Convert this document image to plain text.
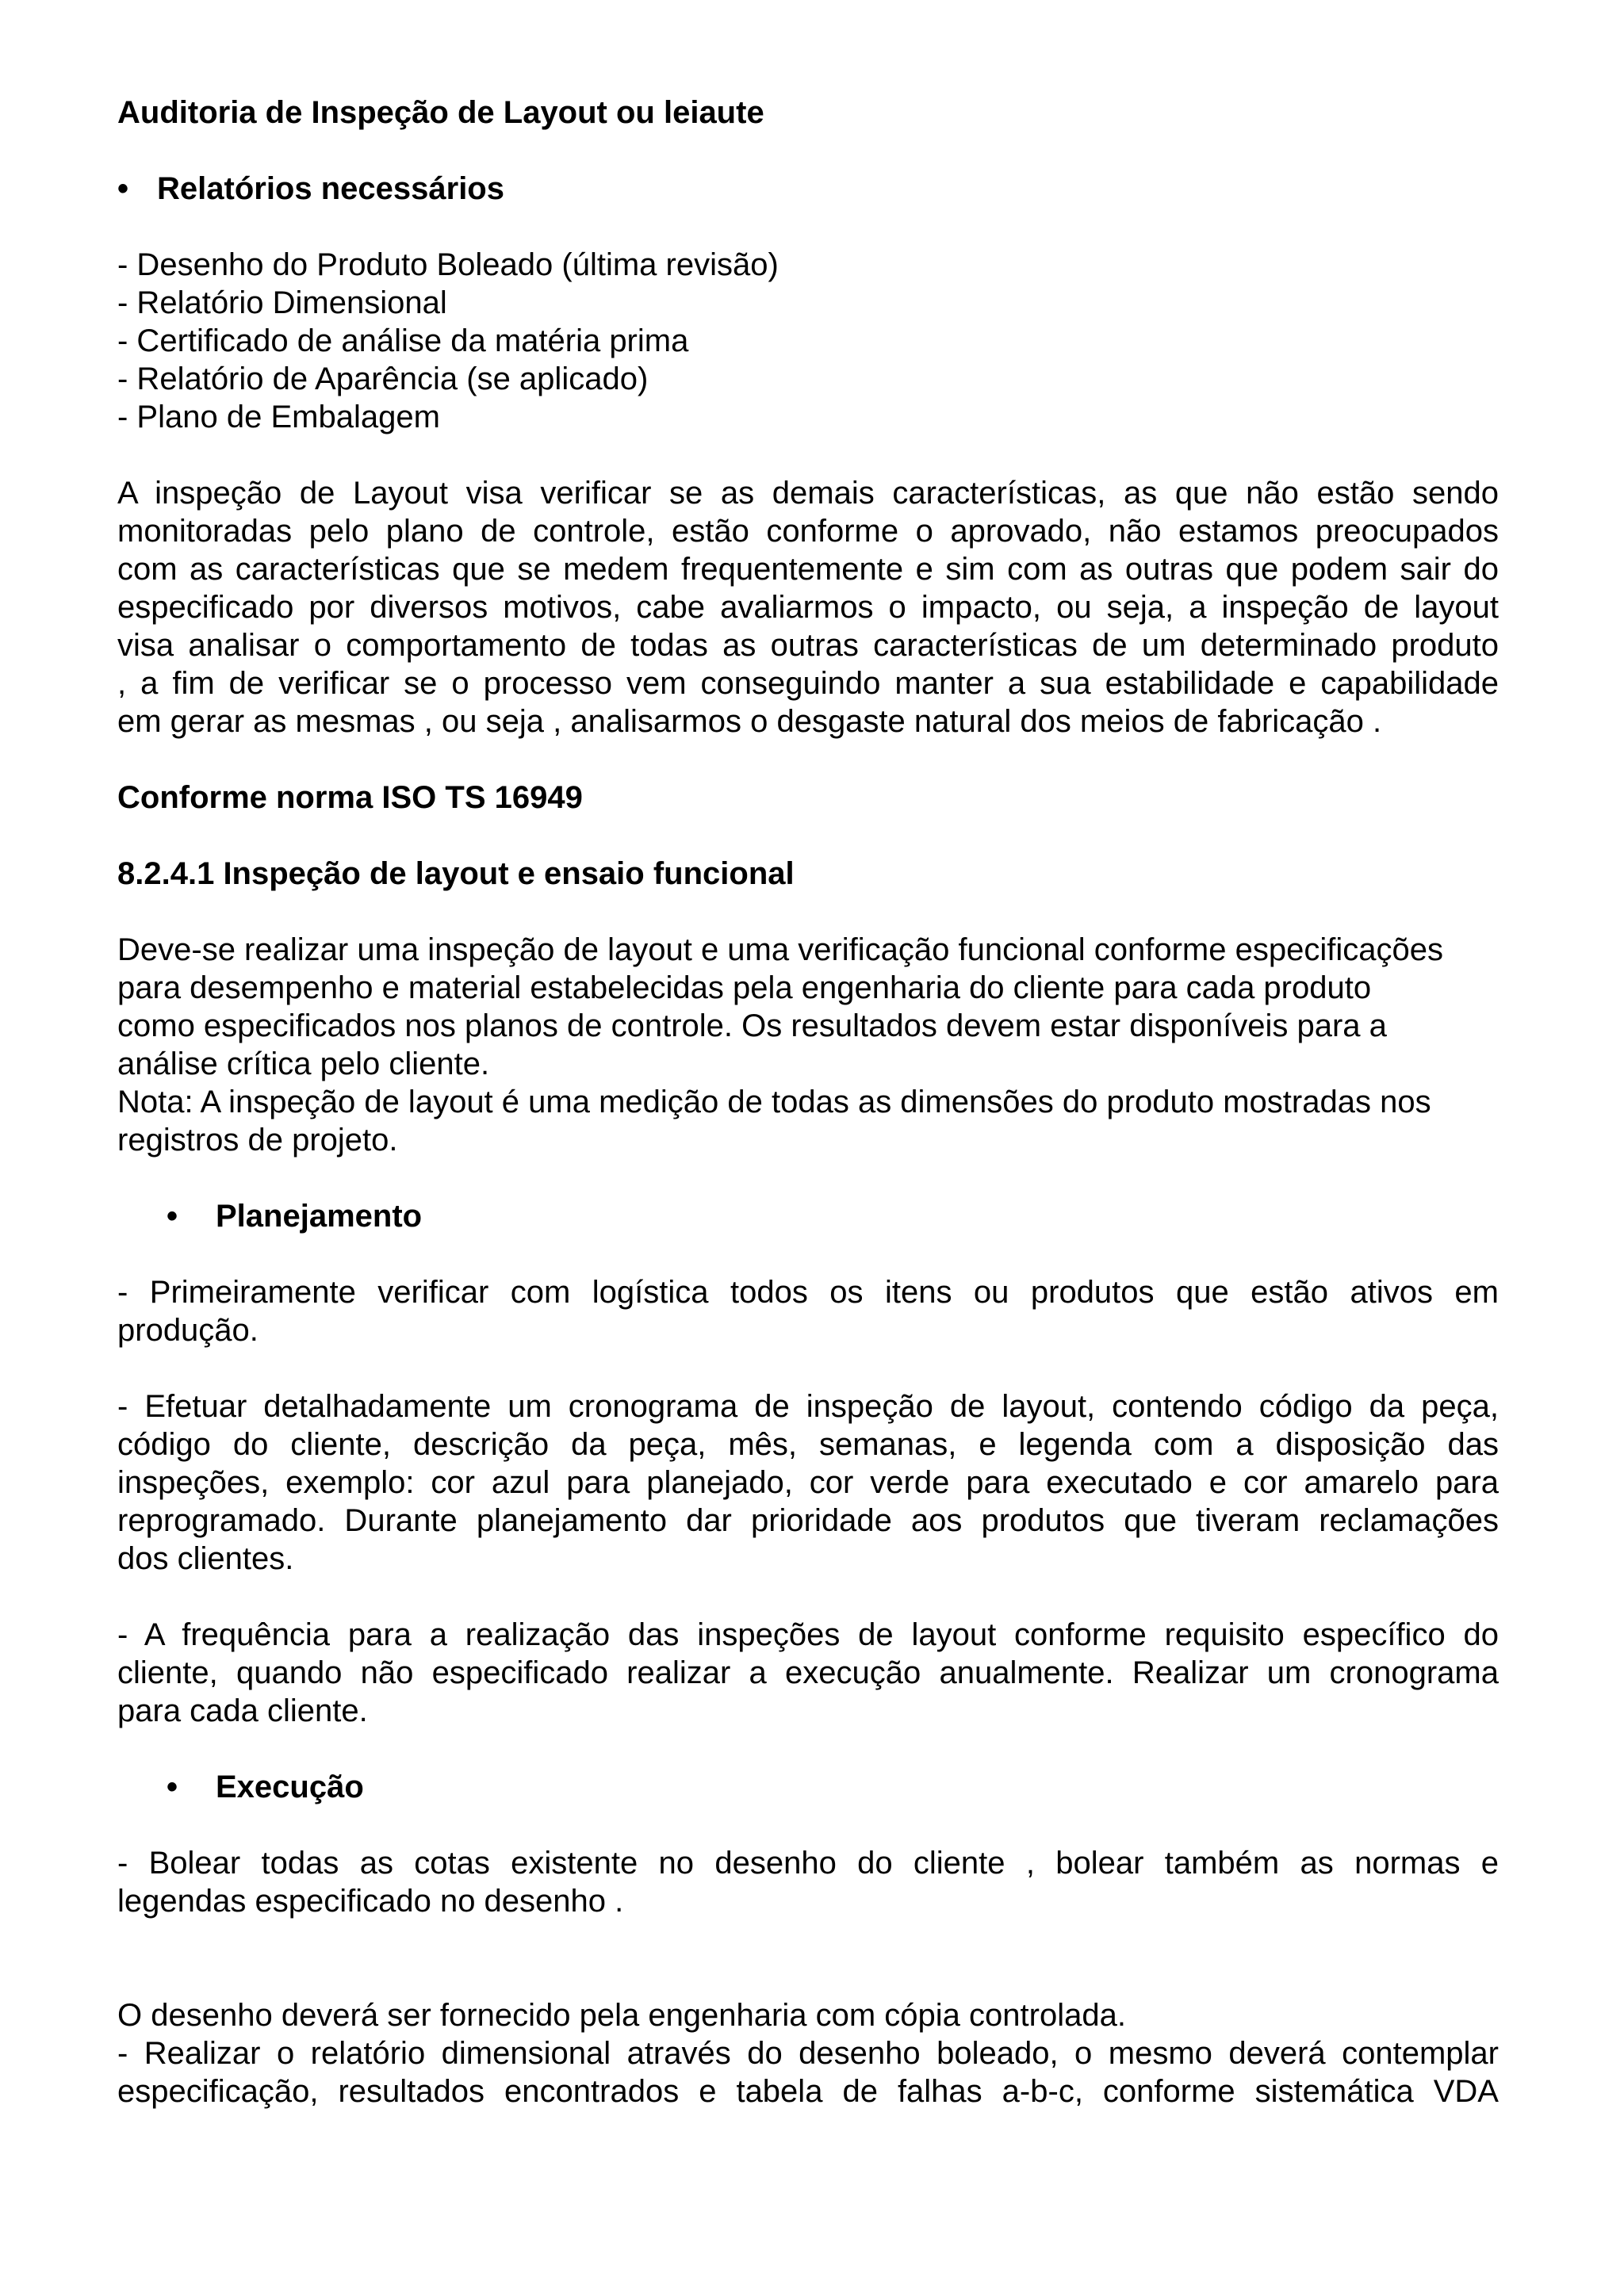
Auditoria de Inspeção de Layout ou leiaute

• Relatórios necessários
- Desenho do Produto Boleado (última revisão)
- Relatório Dimensional
- Certificado de análise da matéria prima
- Relatório de Aparência (se aplicado)
- Plano de Embalagem
A inspeção de Layout visa verificar se as demais características, as que não estão sendo
monitoradas pelo plano de controle, estão conforme o aprovado, não estamos preocupados
com as características que se medem frequentemente e sim com as outras que podem sair do
especificado por diversos motivos, cabe avaliarmos o impacto, ou seja, a inspeção de layout
visa analisar o comportamento de todas as outras características de um determinado produto
, a fim de verificar se o processo vem conseguindo manter a sua estabilidade e capabilidade
em gerar as mesmas , ou seja , analisarmos o desgaste natural dos meios de fabricação .

Conforme norma ISO TS 16949

8.2.4.1 Inspeção de layout e ensaio funcional

Deve-se realizar uma inspeção de layout e uma verificação funcional conforme especificações
para desempenho e material estabelecidas pela engenharia do cliente para cada produto
como especificados nos planos de controle. Os resultados devem estar disponíveis para a
análise crítica pelo cliente.
Nota: A inspeção de layout é uma medição de todas as dimensões do produto mostradas nos
registros de projeto.
• Planejamento
- Primeiramente verificar com logística todos os itens ou produtos que estão ativos em
produção.
- Efetuar detalhadamente um cronograma de inspeção de layout, contendo código da peça,
código do cliente, descrição da peça, mês, semanas, e legenda com a disposição das
inspeções, exemplo: cor azul para planejado, cor verde para executado e cor amarelo para
reprogramado. Durante planejamento dar prioridade aos produtos que tiveram reclamações
dos clientes.
- A frequência para a realização das inspeções de layout conforme requisito específico do
cliente, quando não especificado realizar a execução anualmente. Realizar um cronograma
para cada cliente.
• Execução
- Bolear todas as cotas existente no desenho do cliente , bolear também as normas e
legendas especificado no desenho .
O desenho deverá ser fornecido pela engenharia com cópia controlada.
- Realizar o relatório dimensional através do desenho boleado, o mesmo deverá contemplar
especificação, resultados encontrados e tabela de falhas a-b-c, conforme sistemática VDA
